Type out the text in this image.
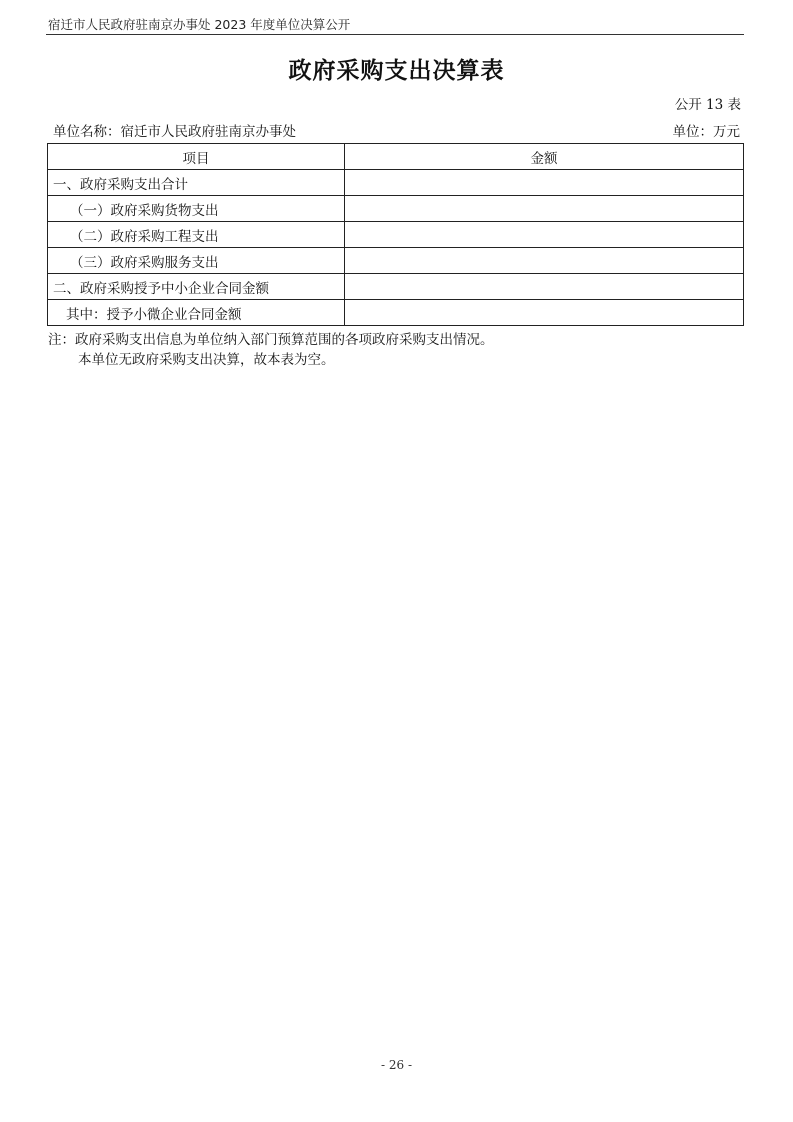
宿迁市人民政府驻南京办事处 2023 年度单位决算公开
政府采购支出决算表
公开 13 表
单位名称：宿迁市人民政府驻南京办事处	单位：万元
项目	金额
一、政府采购支出合计	
（一）政府采购货物支出	
（二）政府采购工程支出	
（三）政府采购服务支出	
二、政府采购授予中小企业合同金额	
其中：授予小微企业合同金额	
注：政府采购支出信息为单位纳入部门预算范围的各项政府采购支出情况。
本单位无政府采购支出决算，故本表为空。
- 26 -
